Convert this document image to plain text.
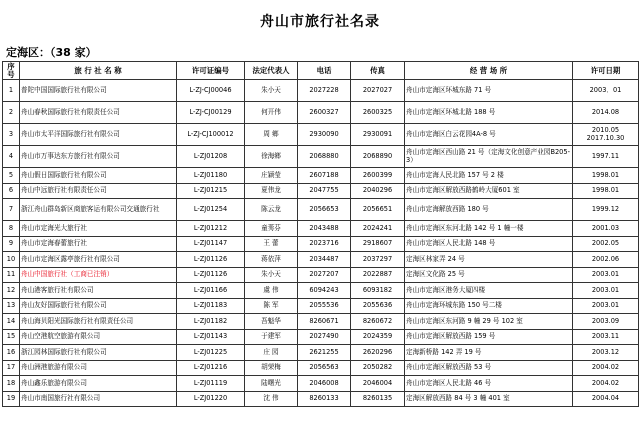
舟山市旅行社名录
定海区：（38 家）
序号	旅 行 社 名 称	许可证编号	法定代表人	电话	传真	经 营 场 所	许可日期
1	普陀中国国际旅行社有限公司	L-ZJ-CJ00046	朱小天	2027228	2027027	舟山市定海区环城东路 71 号	2003．01
2	舟山春秋国际旅行社有限责任公司	L-ZJ-CJ00129	何开伟	2600327	2600325	舟山市定海区环城北路 188 号	2014.08
3	舟山市太平洋国际旅行社有限公司	L-ZJ-CJ100012	周 鄉	2930090	2930091	舟山市定海区白云花园4A-8 号	2010.05 2017.10.30
4	舟山市万事达东方旅行社有限公司	L-ZJ01208	徐海鄉	2068880	2068890	舟山市定海区西山路 21 号（定海文化创意产业园B205-3）	1997.11
5	舟山假日国际旅行社有限公司	L-ZJ01180	庄颖莹	2607188	2600399	舟山市定海人民北路 157 号 2 楼	1998.01
6	舟山中远旅行社有限责任公司	L-ZJ01215	夏伟龙	2047755	2040296	舟山市定海区解放西路鹤岭大厦601 室	1998.01
7	浙江舟山群岛新区商旅客运有限公司交通旅行社	L-ZJ01254	陈云龙	2056653	2056651	舟山市定海解放西路 180 号	1999.12
8	舟山市定海光大旅行社	L-ZJ01212	童莠芬	2043488	2024241	舟山市定海区东河北路 142 号 1 幢一楼	2001.03
9	舟山市定海春蕾旅行社	L-ZJ01147	王 蕾	2023716	2918607	舟山市定海区人民北路 148 号	2002.05
10	舟山市定海区露亭旅行社有限公司	L-ZJ01126	蒋依萍	2034487	2037297	定海区林家弄 24 号	2002.06
11	舟山中国旅行社（工商已注销）	L-ZJ01126	朱小天	2027207	2022887	定海区文化路 25 号	2003.01
12	舟山港客旅行社有限公司	L-ZJ01166	虞 伟	6094243	6093182	舟山市定海区港务大厦四楼	2003.01
13	舟山友好国际旅行社有限公司	L-ZJ01183	陈 军	2055536	2055636	舟山市定海环城东路 150 号二楼	2003.01
14	舟山海贝阳光国际旅行社有限责任公司	L-ZJ01182	吾魁华	8260671	8260672	舟山市定海区东河路 9 幢 29 号 102 室	2003.09
15	舟山空港航空旅游有限公司	L-ZJ01143	于建军	2027490	2024359	舟山市定海区解放西路 159 号	2003.11
16	浙江园林国际旅行社有限公司	L-ZJ01225	庄 园	2621255	2620296	定海新桥路 142 弄 19 号	2003.12
17	舟山洲港旅游有限公司	L-ZJ01216	胡荣梅	2056563	2050282	舟山市定海区解放西路 53 号	2004.02
18	舟山鑫乐旅游有限公司	L-ZJ01119	陆曙光	2046008	2046004	舟山市定海区人民北路 46 号	2004.02
19	舟山市南国旅行社有限公司	L-ZJ01220	沈 伟	8260133	8260135	定海区解放西路 84 号 3 幢 401 室	2004.04
